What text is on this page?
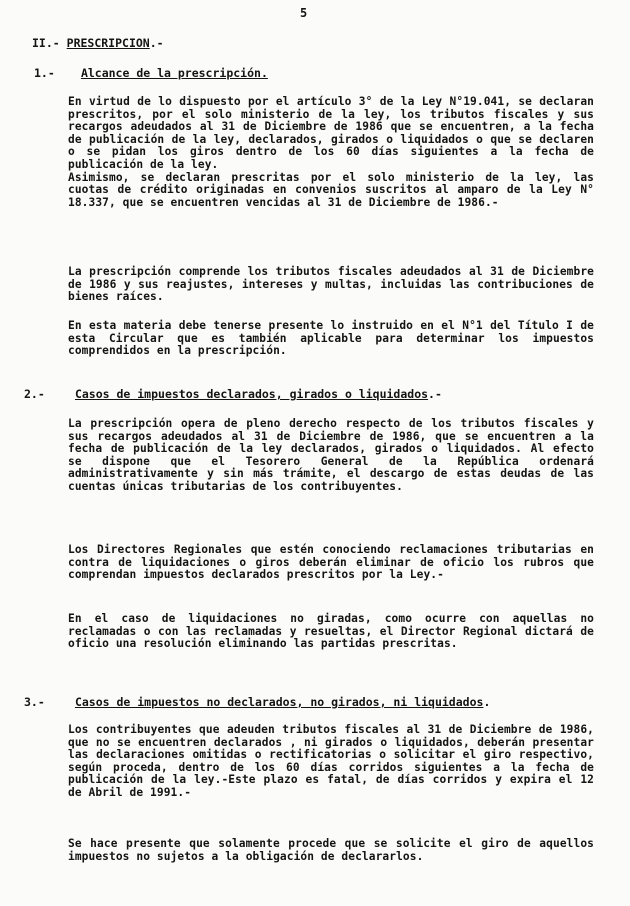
5
II.- PRESCRIPCION.-
1.- Alcance de la prescripción.

En virtud de lo dispuesto por el artículo 3° de la Ley N°19.041, se declaran prescritos, por el solo ministerio de la ley, los tributos fiscales y sus recargos adeudados al 31 de Diciembre de 1986 que se encuentren, a la fecha de publicación de la ley, declarados, girados o liquidados o que se declaren o se pidan los giros dentro de los 60 días siguientes a la fecha de publicación de la ley.

Asimismo, se declaran prescritas por el solo ministerio de la ley, las cuotas de crédito originadas en convenios suscritos al amparo de la Ley N° 18.337, que se encuentren vencidas al 31 de Diciembre de 1986.-

La prescripción comprende los tributos fiscales adeudados al 31 de Diciembre de 1986 y sus reajustes, intereses y multas, incluidas las contribuciones de bienes raíces.

En esta materia debe tenerse presente lo instruido en el N°1 del Título I de esta Circular que es también aplicable para determinar los impuestos comprendidos en la prescripción.

2.-	Casos de impuestos declarados, girados o liquidados.-

La prescripción opera de pleno derecho respecto de los tributos fiscales y sus recargos adeudados al 31 de Diciembre de 1986, que se encuentren a la fecha de publicación de la ley declarados, girados o liquidados. Al efecto se dispone que el Tesorero General de la República ordenará administrativamente y sin más trámite, el descargo de estas deudas de las cuentas únicas tributarias de los contribuyentes.

Los Directores Regionales que estén conociendo reclamaciones tributarias en contra de liquidaciones o giros deberán eliminar de oficio los rubros que comprendan impuestos declarados prescritos por la Ley.-

En el caso de liquidaciones no giradas, como ocurre con aquellas no reclamadas o con las reclamadas y resueltas, el Director Regional dictará de oficio una resolución eliminando las partidas prescritas.

3.-	Casos de impuestos no declarados, no girados, ni liquidados.

Los contribuyentes que adeuden tributos fiscales al 31 de Diciembre de 1986, que no se encuentren declarados , ni girados o liquidados, deberán presentar las declaraciones omitidas o rectificatorias o solicitar el giro respectivo, según proceda, dentro de los 60 días corridos siguientes a la fecha de publicación de la ley.-Este plazo es fatal, de días corridos y expira el 12 de Abril de 1991.-

Se hace presente que solamente procede que se solicite el giro de aquellos impuestos no sujetos a la obligación de declararlos.
